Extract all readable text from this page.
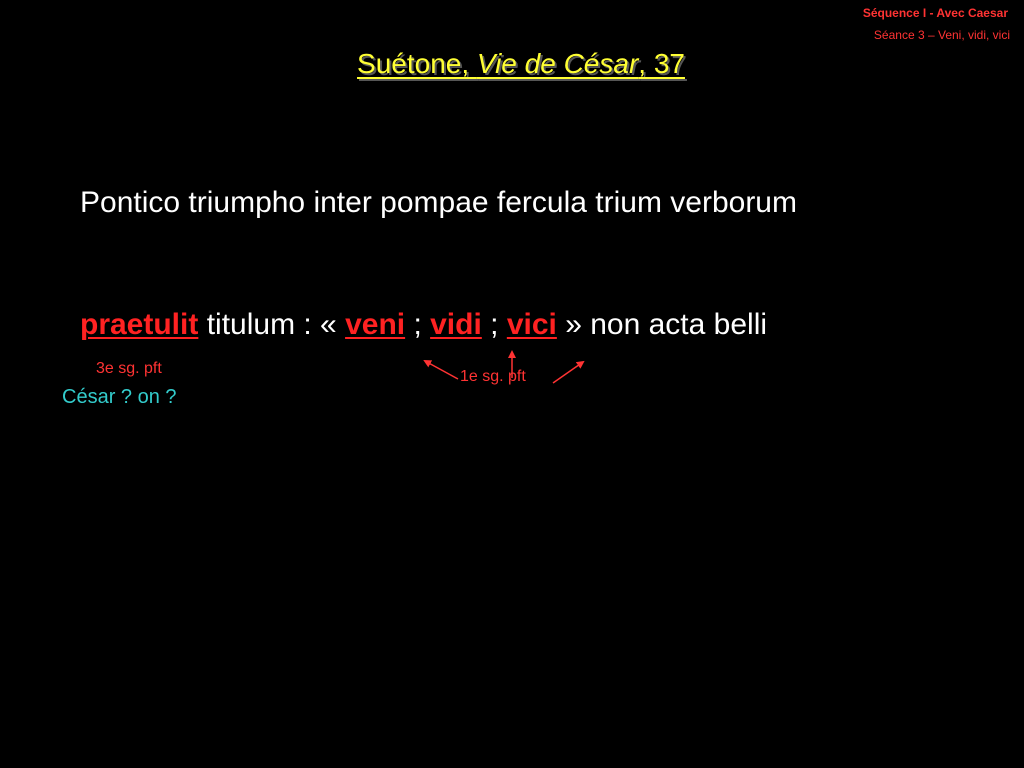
Séquence I - Avec Caesar
Séance 3 – Veni, vidi, vici
Suétone, Vie de César, 37
Pontico triumpho inter pompae fercula trium verborum
praetulit titulum : « veni ; vidi ; vici » non acta belli
3e sg. pft
César ? on ?
1e sg. pft
